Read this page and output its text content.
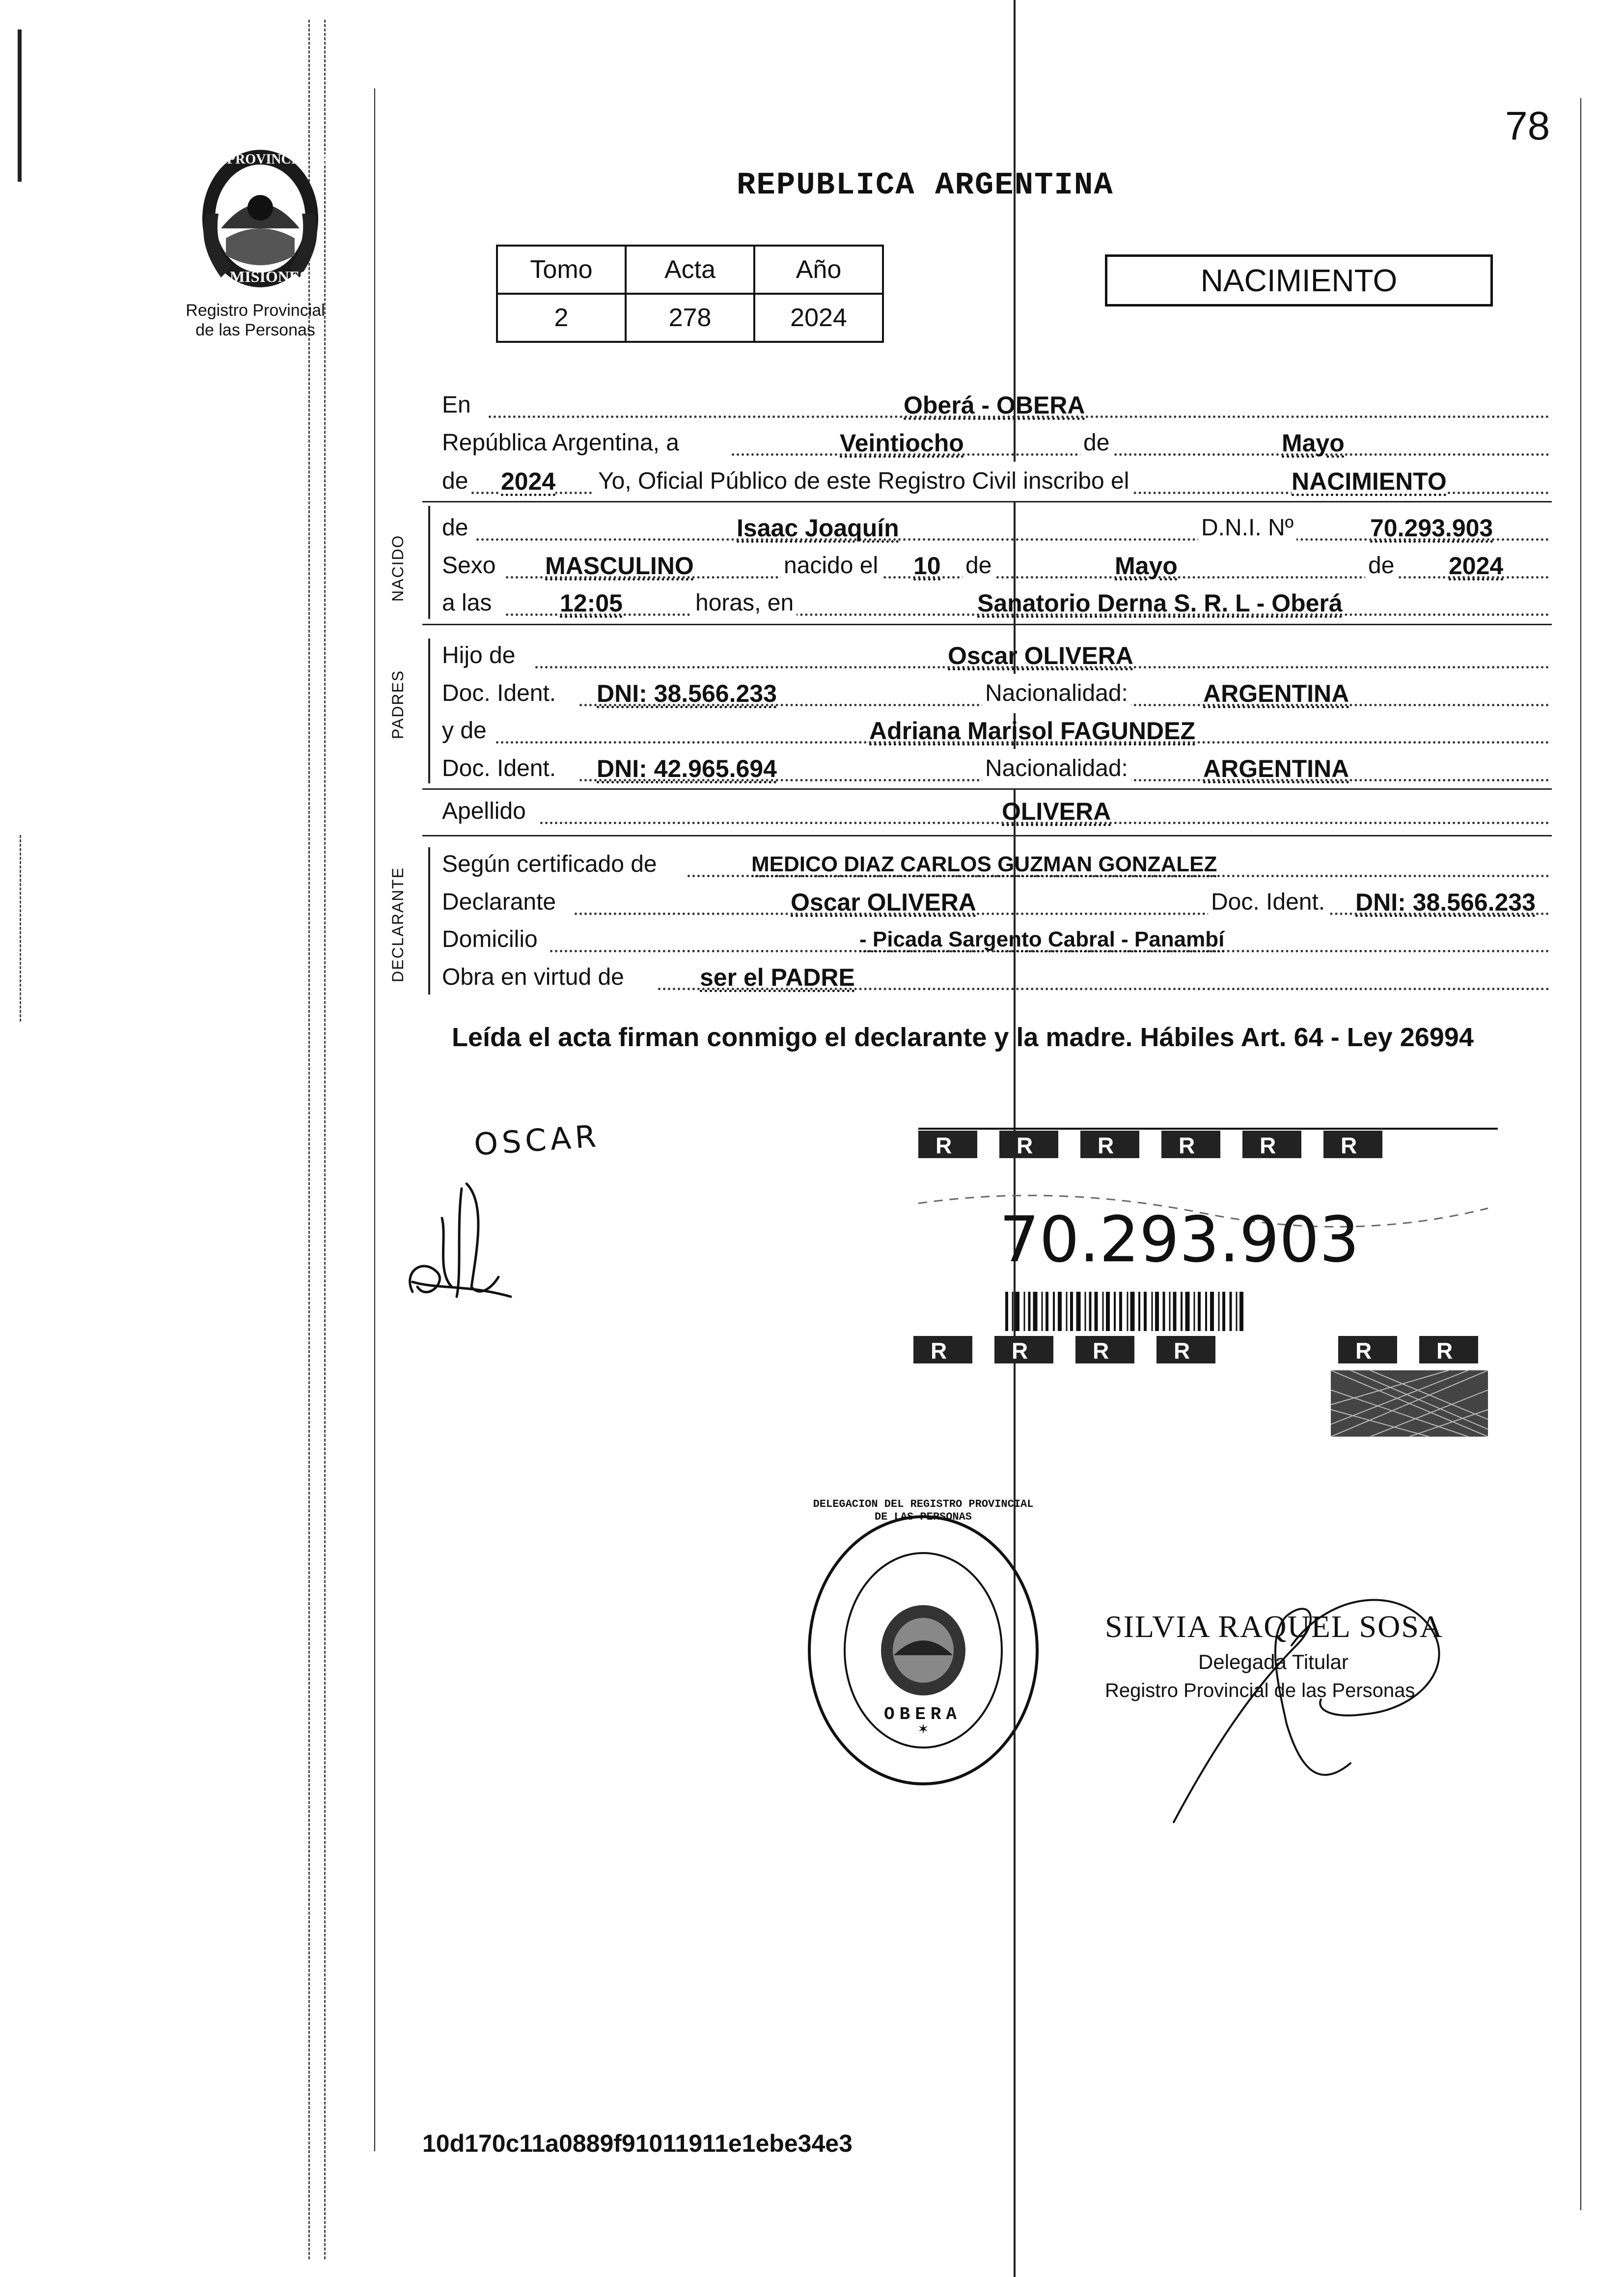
78
PROVINCIA DE
MISIONES
Registro Provincial
de las Personas
REPUBLICA ARGENTINA
Tomo	Acta	Año
2	278	2024
NACIMIENTO
En	Oberá - OBERA
República Argentina, a	Veintiocho	de	Mayo
de 2024 Yo, Oficial Público de este Registro Civil inscribo el	NACIMIENTO
NACIDO
de	Isaac Joaquín	D.N.I. Nº	70.293.903
Sexo MASCULINO	nacido el 10 de	Mayo	de 2024
a las	12:05	horas, en	Sanatorio Derna S. R. L - Oberá
PADRES
Hijo de	Oscar OLIVERA
Doc. Ident. DNI: 38.566.233	Nacionalidad:	ARGENTINA
y de	Adriana Marisol FAGUNDEZ
Doc. Ident. DNI: 42.965.694	Nacionalidad:	ARGENTINA
Apellido	OLIVERA
DECLARANTE
Según certificado de	MEDICO DIAZ CARLOS GUZMAN GONZALEZ
Declarante	Oscar OLIVERA	Doc. Ident. DNI: 38.566.233
Domicilio	- Picada Sargento Cabral - Panambí
Obra en virtud de	ser el PADRE
Leída el acta firman conmigo el declarante y la madre. Hábiles Art. 64 - Ley 26994
OSCAR	R	R	R	R	R	R
R	R	R	R	R	R
70.293.903
✶
DELEGACION DEL REGISTRO PROVINCIAL DE LAS PERSONAS
OBERA
SILVIA RAQUEL SOSA
Delegada Titular
Registro Provincial de las Personas
10d170c11a0889f91011911e1ebe34e3
